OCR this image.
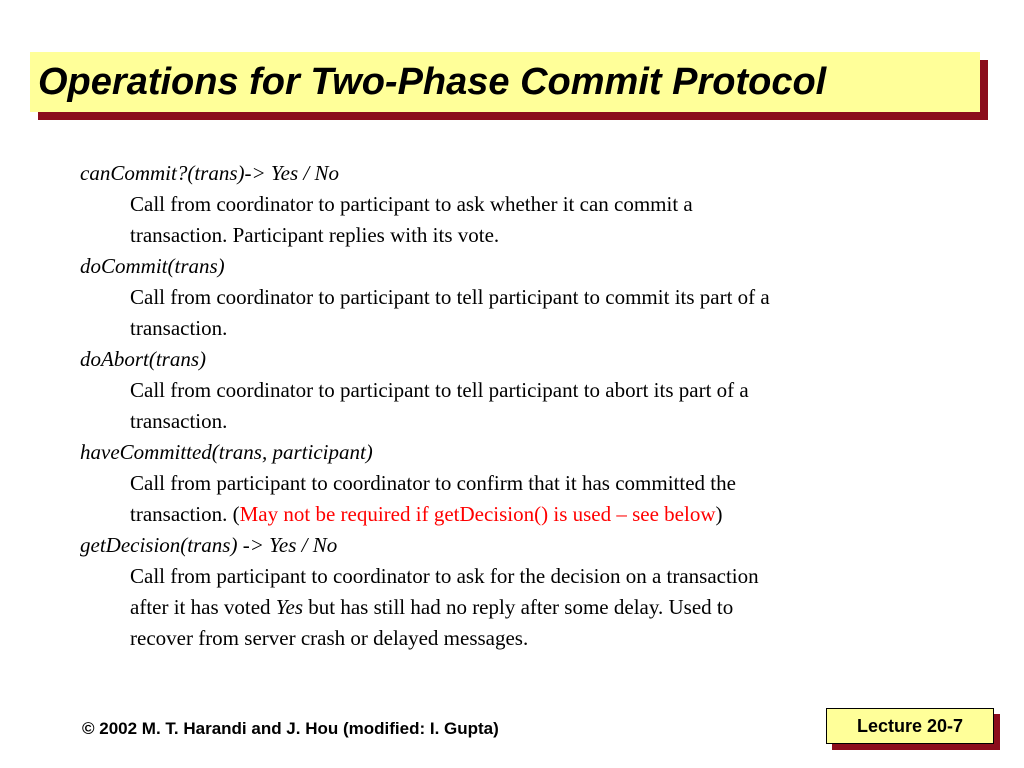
Operations for Two-Phase Commit Protocol
canCommit?(trans)-> Yes / No
Call from coordinator to participant to ask whether it can commit a
transaction. Participant replies with its vote.
doCommit(trans)
Call from coordinator to participant to tell participant to commit its part of a
transaction.
doAbort(trans)
Call from coordinator to participant to tell participant to abort its part of a
transaction.
haveCommitted(trans, participant)
Call from participant to coordinator to confirm that it has committed the
transaction. (May not be required if getDecision() is used – see below)
getDecision(trans) -> Yes / No
Call from participant to coordinator to ask for the decision on a transaction
after it has voted Yes but has still had no reply after some delay. Used to
recover from server crash or delayed messages.
© 2002 M. T. Harandi and J. Hou (modified: I. Gupta)	Lecture 20-7
